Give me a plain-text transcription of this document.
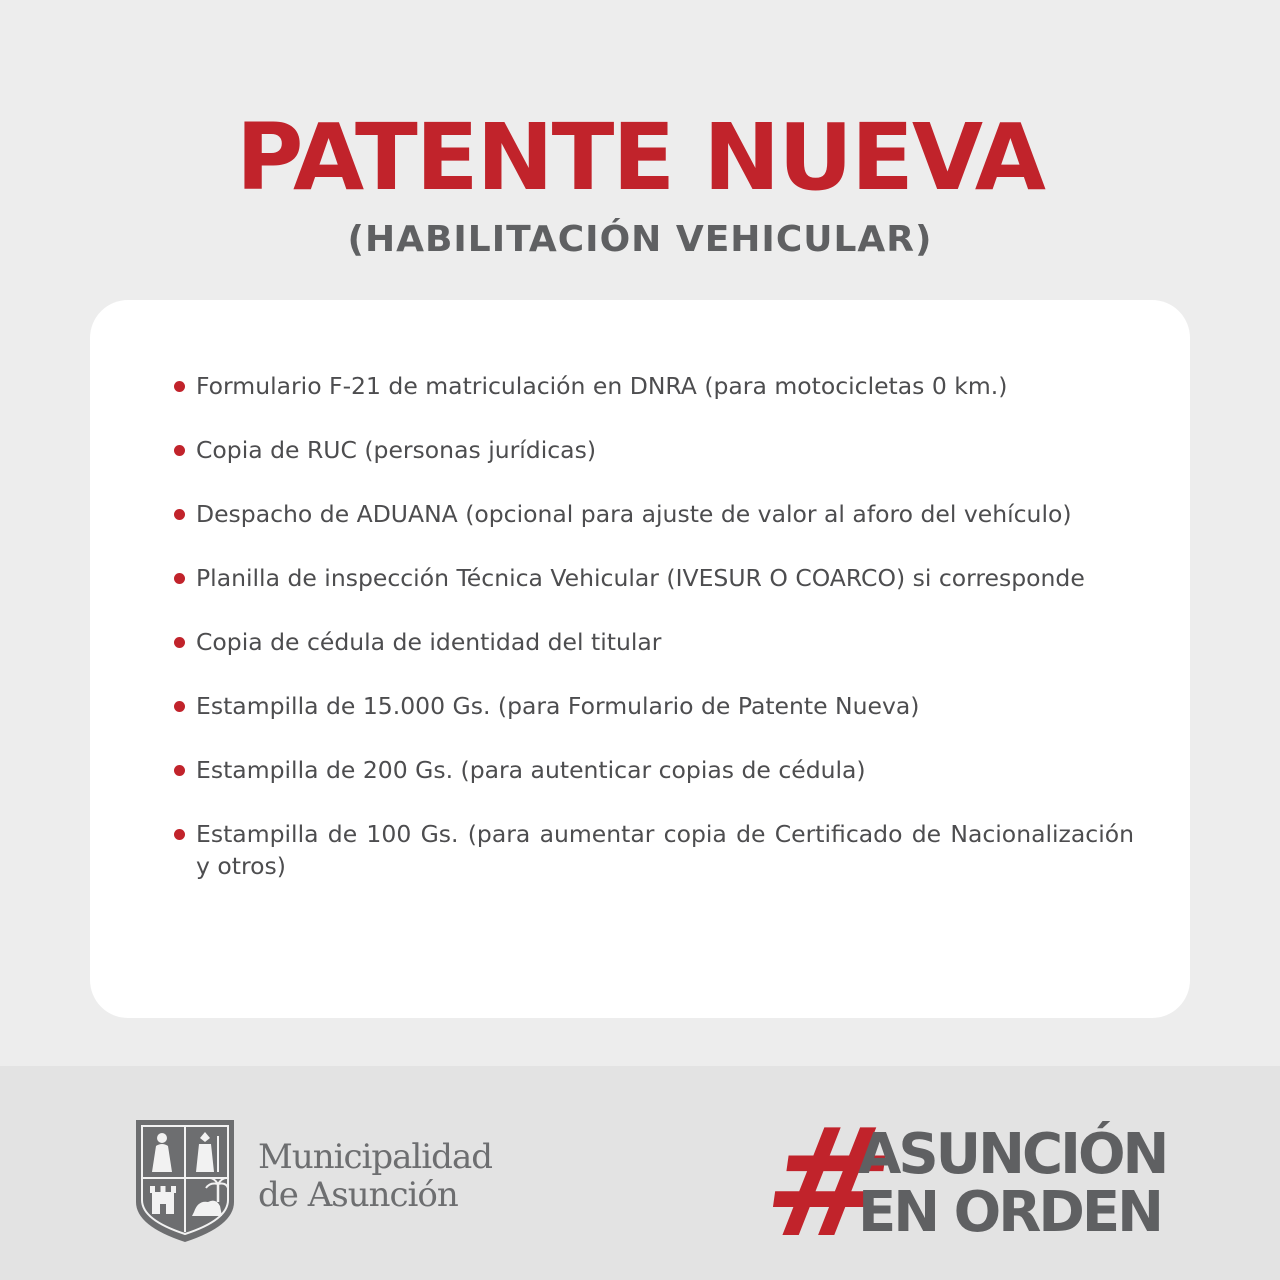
PATENTE NUEVA
(HABILITACIÓN VEHICULAR)
Formulario F-21 de matriculación en DNRA (para motocicletas 0 km.)
Copia de RUC (personas jurídicas)
Despacho de ADUANA (opcional para ajuste de valor al aforo del vehículo)
Planilla de inspección Técnica Vehicular (IVESUR O COARCO) si corresponde
Copia de cédula de identidad del titular
Estampilla de 15.000 Gs. (para Formulario de Patente Nueva)
Estampilla de 200 Gs. (para autenticar copias de cédula)
Estampilla de 100 Gs. (para aumentar copia de Certificado de Nacionalización y otros)
Municipalidad
de Asunción #
ASUNCIÓN
EN ORDEN
